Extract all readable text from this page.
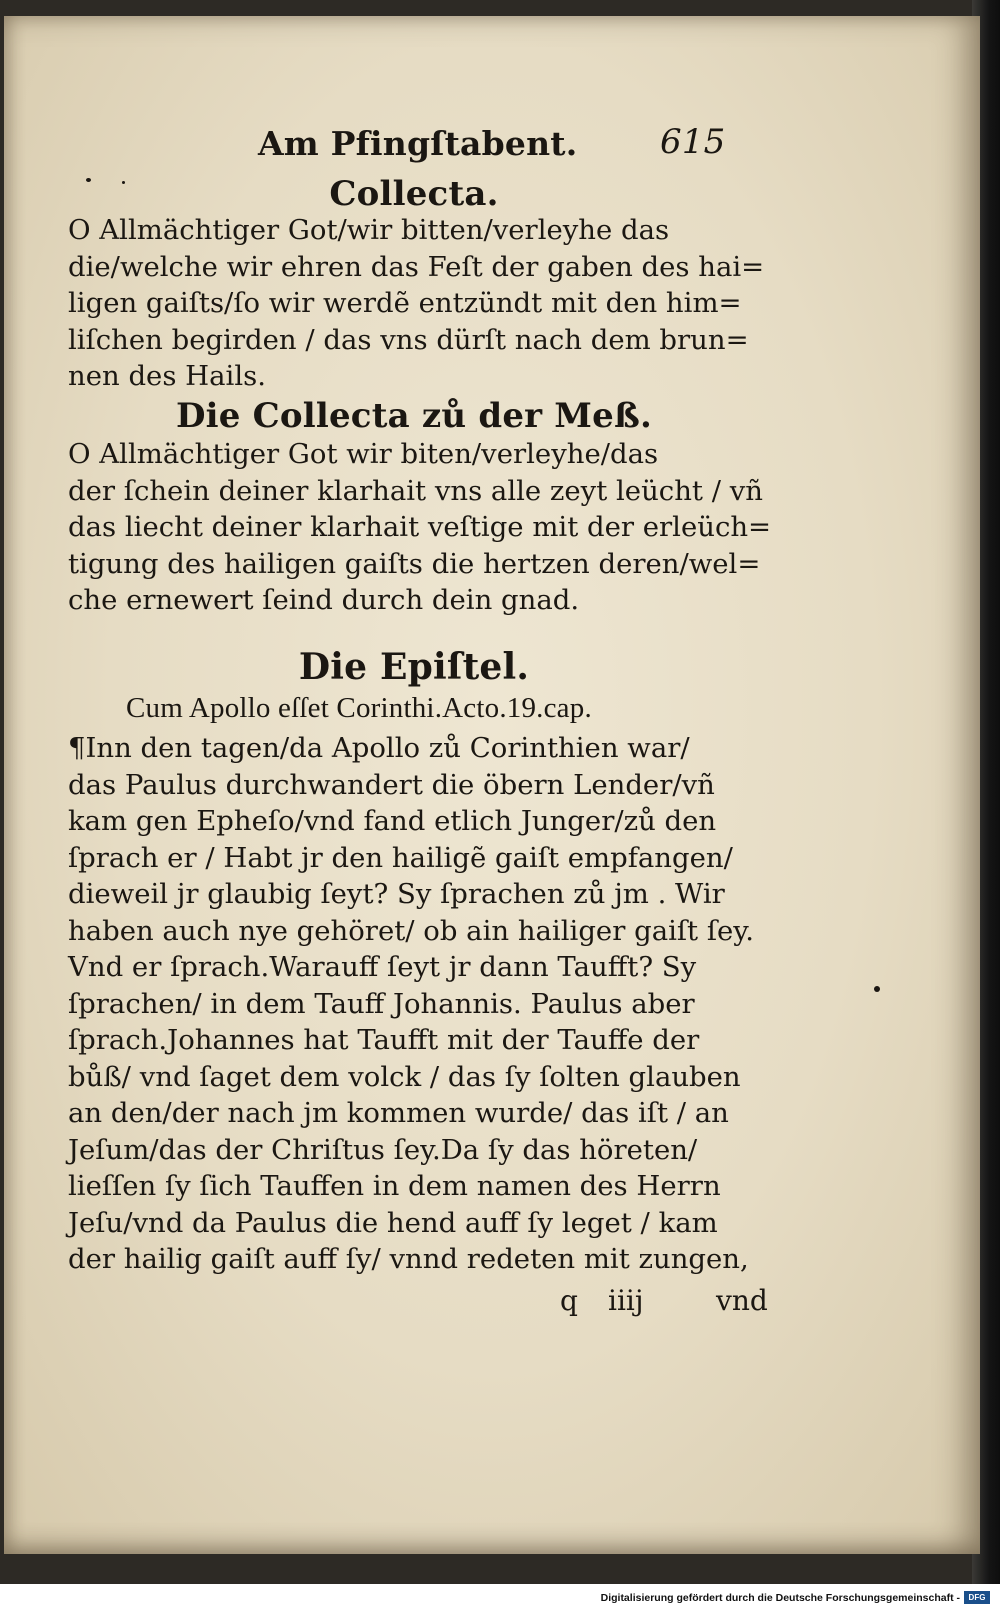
Am Pfingſtabent. 615
Collecta.
O Allmächtiger Got/wir bitten/verleyhe das
die/welche wir ehren das Feſt der gaben des hai=
ligen gaiſts/ſo wir werdẽ entzündt mit den him=
liſchen begirden / das vns dürſt nach dem brun=
nen des Hails.
Die Collecta zů der Meß.
O Allmächtiger Got wir biten/verleyhe/das
der ſchein deiner klarhait vns alle zeyt leücht / vñ
das liecht deiner klarhait veſtige mit der erleüch=
tigung des hailigen gaiſts die hertzen deren/wel=
che ernewert ſeind durch dein gnad.
Die Epiſtel.
Cum Apollo eſſet Corinthi.Acto.19.cap.
¶Inn den tagen/da Apollo zů Corinthien war/
das Paulus durchwandert die öbern Lender/vñ
kam gen Epheſo/vnd fand etlich Junger/zů den
ſprach er / Habt jr den hailigẽ gaiſt empfangen/
dieweil jr glaubig ſeyt? Sy ſprachen zů jm . Wir
haben auch nye gehöret/ ob ain hailiger gaiſt ſey.
Vnd er ſprach.Warauff ſeyt jr dann Taufft? Sy
ſprachen/ in dem Tauff Johannis. Paulus aber
ſprach.Johannes hat Taufft mit der Tauffe der
bůß/ vnd ſaget dem volck / das ſy ſolten glauben
an den/der nach jm kommen wurde/ das iſt / an
Jeſum/das der Chriſtus ſey.Da ſy das höreten/
lieſſen ſy ſich Tauffen in dem namen des Herrn
Jeſu/vnd da Paulus die hend auff ſy leget / kam
der hailig gaiſt auff ſy/ vnnd redeten mit zungen,
q iiij	vnd
Digitalisierung gefördert durch die Deutsche Forschungsgemeinschaft -	DFG
